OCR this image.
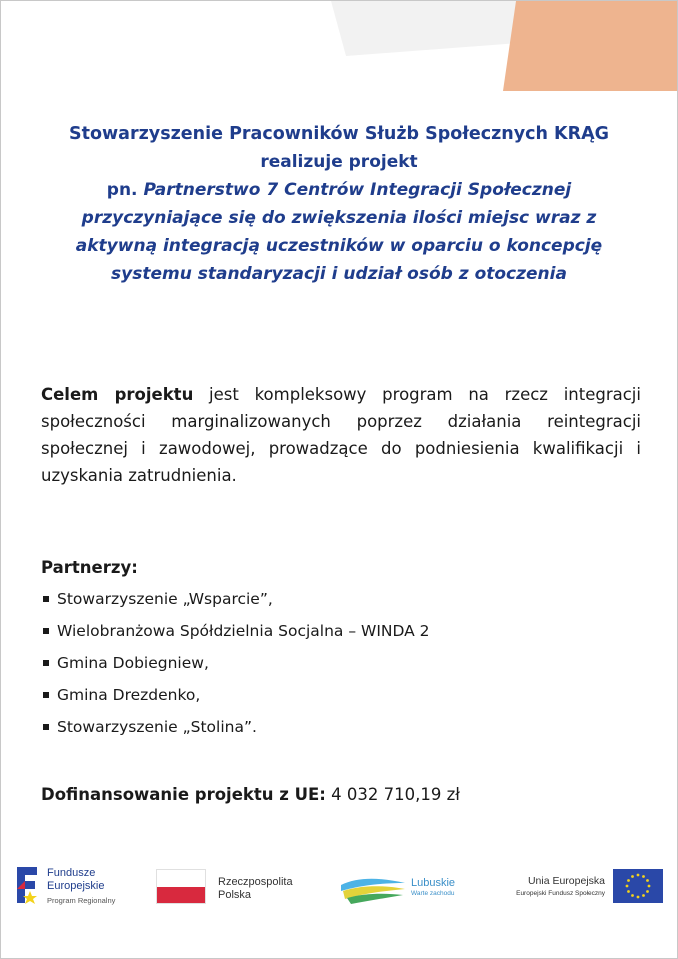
Stowarzyszenie Pracowników Służb Społecznych KRĄG
realizuje projekt
pn. Partnerstwo 7 Centrów Integracji Społecznej
przyczyniające się do zwiększenia ilości miejsc wraz z
aktywną integracją uczestników w oparciu o koncepcję
systemu standaryzacji i udział osób z otoczenia
Celem projektu jest kompleksowy program na rzecz integracji społeczności marginalizowanych poprzez działania reintegracji społecznej i zawodowej, prowadzące do podniesienia kwalifikacji i uzyskania zatrudnienia.
Partnerzy:
Stowarzyszenie „Wsparcie”,
Wielobranżowa Spółdzielnia Socjalna – WINDA 2
Gmina Dobiegniew,
Gmina Drezdenko,
Stowarzyszenie „Stolina”.
Dofinansowanie projektu z UE: 4 032 710,19 zł
Fundusze
Europejskie
Program Regionalny
Rzeczpospolita
Polska
Lubuskie
Warte zachodu
Unia Europejska
Europejski Fundusz Społeczny
